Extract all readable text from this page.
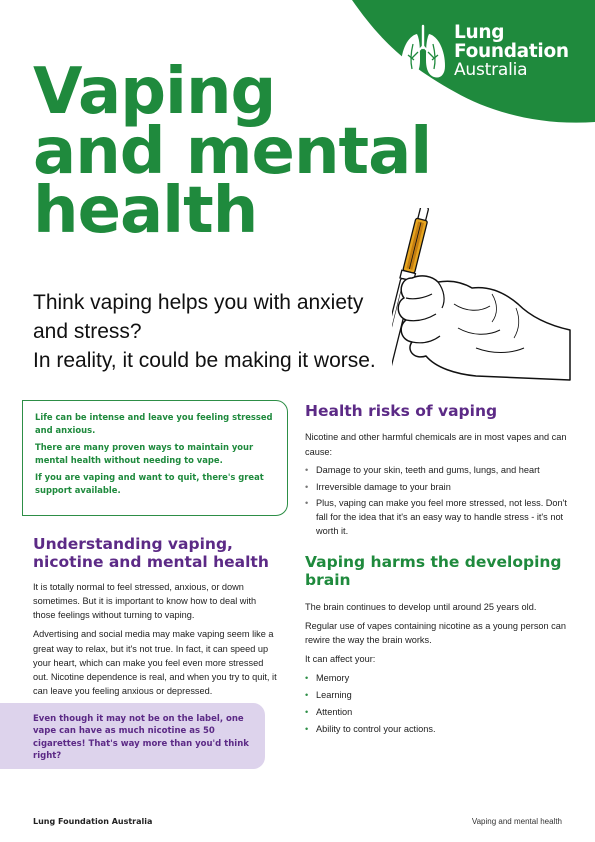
Lung
Foundation
Australia
Vaping
and mental
health
Think vaping helps you with anxiety
and stress?
In reality, it could be making it worse.

Life can be intense and leave you feeling stressed and anxious.

There are many proven ways to maintain your mental health without needing to vape.

If you are vaping and want to quit, there's great support available.

Understanding vaping, nicotine and mental health

It is totally normal to feel stressed, anxious, or down sometimes. But it is important to know how to deal with those feelings without turning to vaping.

Advertising and social media may make vaping seem like a great way to relax, but it's not true. In fact, it can speed up your heart, which can make you feel even more stressed out. Nicotine dependence is real, and when you try to quit, it can leave you feeling anxious or depressed.

Even though it may not be on the label, one vape can have as much nicotine as 50 cigarettes! That's way more than you'd think right?

Health risks of vaping

Nicotine and other harmful chemicals are in most vapes and can cause:

• Damage to your skin, teeth and gums, lungs, and heart
• Irreversible damage to your brain
• Plus, vaping can make you feel more stressed, not less. Don't fall for the idea that it's an easy way to handle stress - it's not worth it.
Vaping harms the developing brain

The brain continues to develop until around 25 years old.

Regular use of vapes containing nicotine as a young person can rewire the way the brain works.

It can affect your:

• Memory
• Learning
• Attention
• Ability to control your actions.
Lung Foundation Australia	Vaping and mental health
